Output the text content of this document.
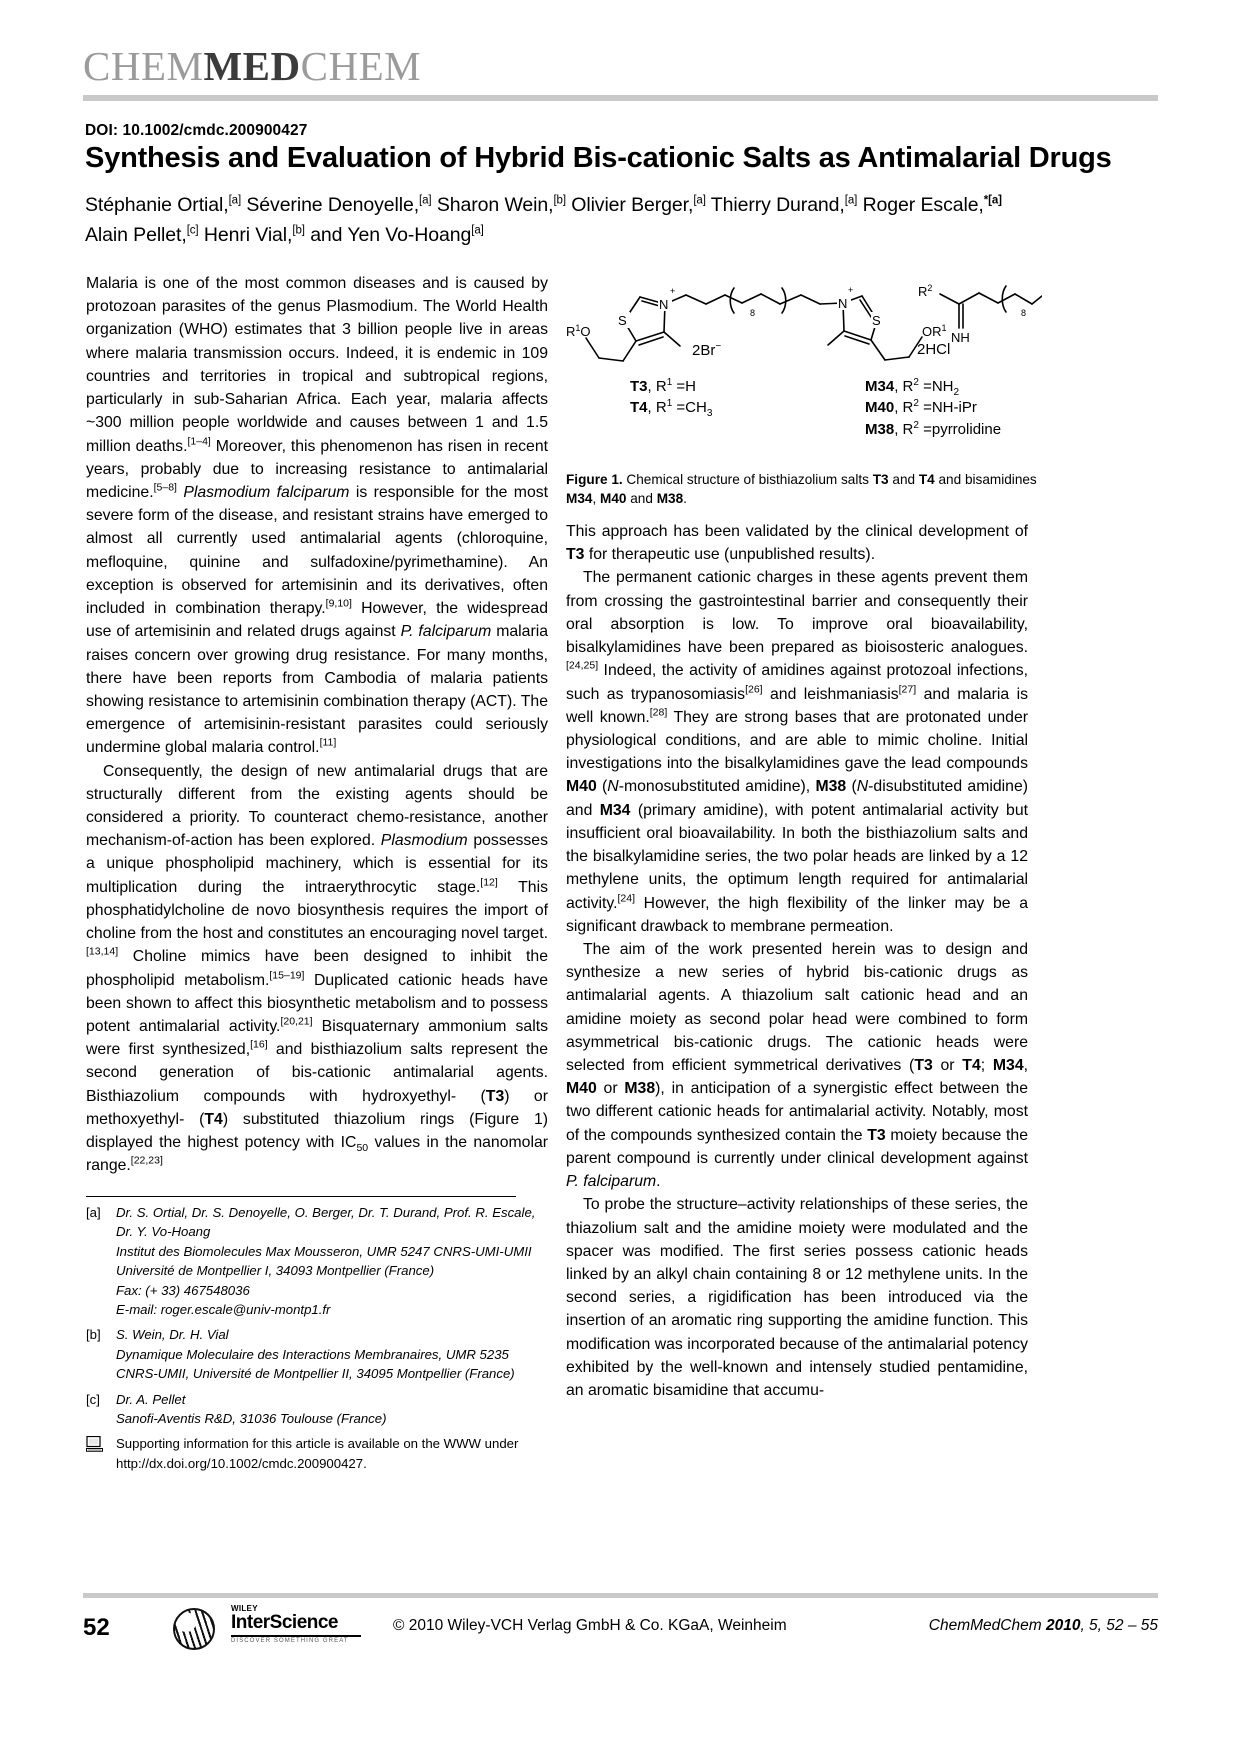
CHEMMEDCHEM
DOI: 10.1002/cmdc.200900427
Synthesis and Evaluation of Hybrid Bis-cationic Salts as Antimalarial Drugs
Stéphanie Ortial,[a] Séverine Denoyelle,[a] Sharon Wein,[b] Olivier Berger,[a] Thierry Durand,[a] Roger Escale,$^{*[a]}$
Alain Pellet,[c] Henri Vial,[b] and Yen Vo-Hoang[a]

Malaria is one of the most common diseases and is caused by protozoan parasites of the genus Plasmodium. The World Health organization (WHO) estimates that 3 billion people live in areas where malaria transmission occurs. Indeed, it is endemic in 109 countries and territories in tropical and subtropical regions, particularly in sub-Saharian Africa. Each year, malaria affects ~300 million people worldwide and causes between 1 and 1.5 million deaths.[1–4] Moreover, this phenomenon has risen in recent years, probably due to increasing resistance to antimalarial medicine.[5–8] Plasmodium falciparum is responsible for the most severe form of the disease, and resistant strains have emerged to almost all currently used antimalarial agents (chloroquine, mefloquine, quinine and sulfadoxine/pyrimethamine). An exception is observed for artemisinin and its derivatives, often included in combination therapy.[9,10] However, the widespread use of artemisinin and related drugs against P. falciparum malaria raises concern over growing drug resistance. For many months, there have been reports from Cambodia of malaria patients showing resistance to artemisinin combination therapy (ACT). The emergence of artemisinin-resistant parasites could seriously undermine global malaria control.[11]

Consequently, the design of new antimalarial drugs that are structurally different from the existing agents should be considered a priority. To counteract chemo-resistance, another mechanism-of-action has been explored. Plasmodium possesses a unique phospholipid machinery, which is essential for its multiplication during the intraerythrocytic stage.[12] This phosphatidylcholine de novo biosynthesis requires the import of choline from the host and constitutes an encouraging novel target.[13,14] Choline mimics have been designed to inhibit the phospholipid metabolism.[15–19] Duplicated cationic heads have been shown to affect this biosynthetic metabolism and to possess potent antimalarial activity.[20,21] Bisquaternary ammonium salts were first synthesized,[16] and bisthiazolium salts represent the second generation of bis-cationic antimalarial agents. Bisthiazolium compounds with hydroxyethyl- (T3) or methoxyethyl- (T4) substituted thiazolium rings (Figure 1) displayed the highest potency with $IC_{50}$ values in the nanomolar range.[22,23]

S
N
+
N
+
S
$R^1O$	$OR^1$
$R^2$
NH
8	8
2Br−	2HCl
T3, $R^1 =H$
T4, $R^1 =CH_3$
M34, $R^2 =NH_2$
M40, $R^2 =NH-iPr$
M38, $R^2$ =pyrrolidine
Figure 1. Chemical structure of bisthiazolium salts T3 and T4 and bisamidines M34, M40 and M38.

This approach has been validated by the clinical development of T3 for therapeutic use (unpublished results).

The permanent cationic charges in these agents prevent them from crossing the gastrointestinal barrier and consequently their oral absorption is low. To improve oral bioavailability, bisalkylamidines have been prepared as bioisosteric analogues.[24,25] Indeed, the activity of amidines against protozoal infections, such as trypanosomiasis[26] and leishmaniasis[27] and malaria is well known.[28] They are strong bases that are protonated under physiological conditions, and are able to mimic choline. Initial investigations into the bisalkylamidines gave the lead compounds M40 (N-monosubstituted amidine), M38 (N-disubstituted amidine) and M34 (primary amidine), with potent antimalarial activity but insufficient oral bioavailability. In both the bisthiazolium salts and the bisalkylamidine series, the two polar heads are linked by a 12 methylene units, the optimum length required for antimalarial activity.[24] However, the high flexibility of the linker may be a significant drawback to membrane permeation.

The aim of the work presented herein was to design and synthesize a new series of hybrid bis-cationic drugs as antimalarial agents. A thiazolium salt cationic head and an amidine moiety as second polar head were combined to form asymmetrical bis-cationic drugs. The cationic heads were selected from efficient symmetrical derivatives (T3 or T4; M34, M40 or M38), in anticipation of a synergistic effect between the two different cationic heads for antimalarial activity. Notably, most of the compounds synthesized contain the T3 moiety because the parent compound is currently under clinical development against P. falciparum.

To probe the structure–activity relationships of these series, the thiazolium salt and the amidine moiety were modulated and the spacer was modified. The first series possess cationic heads linked by an alkyl chain containing 8 or 12 methylene units. In the second series, a rigidification has been introduced via the insertion of an aromatic ring supporting the amidine function. This modification was incorporated because of the antimalarial potency exhibited by the well-known and intensely studied pentamidine, an aromatic bisamidine that accumu-

[a]	Dr. S. Ortial, Dr. S. Denoyelle, O. Berger, Dr. T. Durand, Prof. R. Escale,
Dr. Y. Vo-Hoang
Institut des Biomolecules Max Mousseron, UMR 5247 CNRS-UMI-UMII
Université de Montpellier I, 34093 Montpellier (France)
Fax: (+ 33) 467548036
E-mail: roger.escale@univ-montp1.fr
[b]	S. Wein, Dr. H. Vial
Dynamique Moleculaire des Interactions Membranaires, UMR 5235
CNRS-UMII, Université de Montpellier II, 34095 Montpellier (France)
[c]	Dr. A. Pellet
Sanofi-Aventis R&D, 31036 Toulouse (France)
Supporting information for this article is available on the WWW under
http://dx.doi.org/10.1002/cmdc.200900427.
52
WILEY
InterScience
DISCOVER SOMETHING GREAT
© 2010 Wiley-VCH Verlag GmbH & Co. KGaA, Weinheim	ChemMedChem 2010, 5, 52 – 55
